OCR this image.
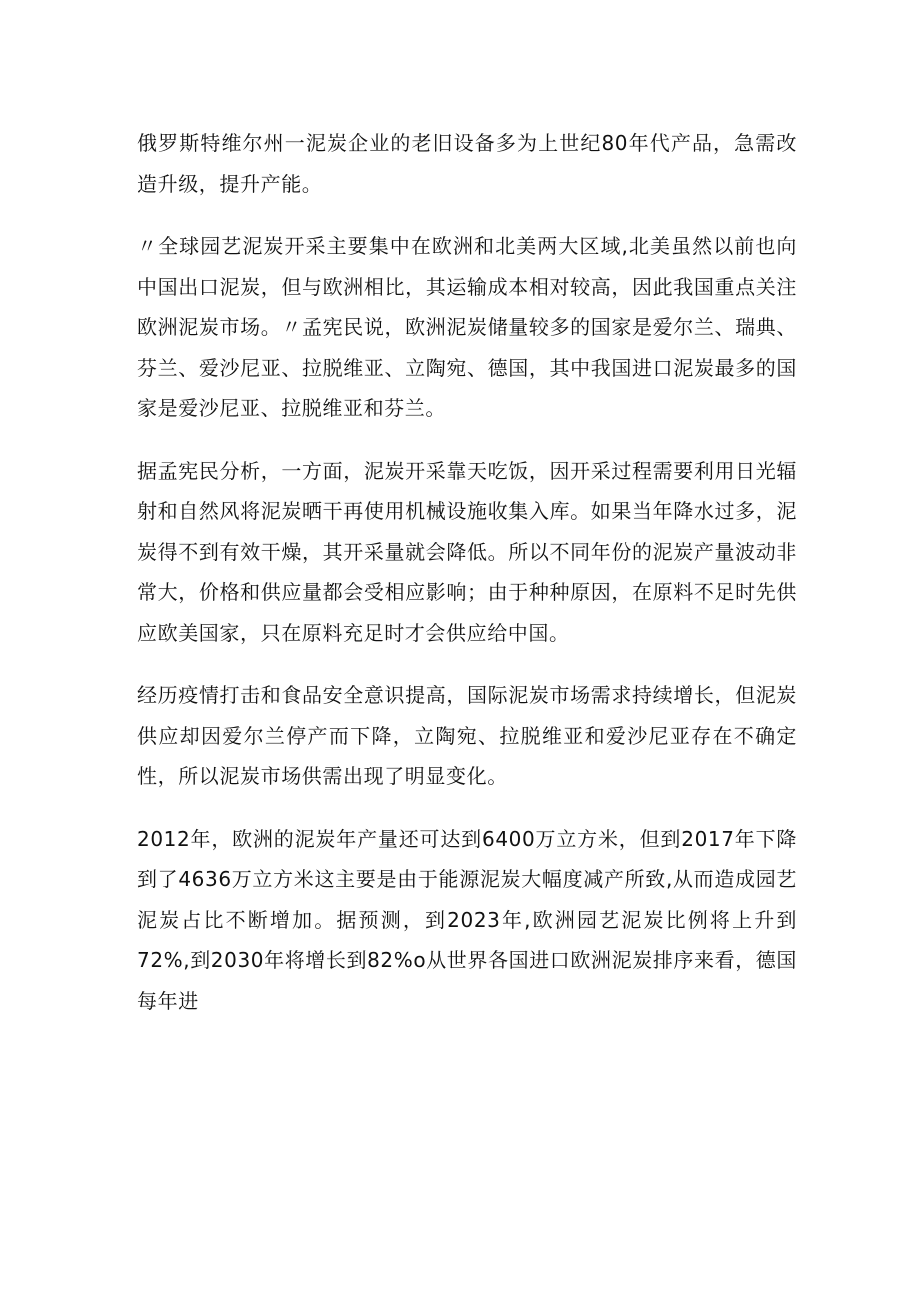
俄罗斯特维尔州一泥炭企业的老旧设备多为上世纪80年代产品，急需改造升级，提升产能。

〃全球园艺泥炭开采主要集中在欧洲和北美两大区域,北美虽然以前也向中国出口泥炭，但与欧洲相比，其运输成本相对较高，因此我国重点关注欧洲泥炭市场。〃孟宪民说，欧洲泥炭储量较多的国家是爱尔兰、瑞典、芬兰、爱沙尼亚、拉脱维亚、立陶宛、德国，其中我国进口泥炭最多的国家是爱沙尼亚、拉脱维亚和芬兰。

据孟宪民分析，一方面，泥炭开采靠天吃饭，因开采过程需要利用日光辐射和自然风将泥炭晒干再使用机械设施收集入库。如果当年降水过多，泥炭得不到有效干燥，其开采量就会降低。所以不同年份的泥炭产量波动非常大，价格和供应量都会受相应影响；由于种种原因，在原料不足时先供应欧美国家，只在原料充足时才会供应给中国。

经历疫情打击和食品安全意识提高，国际泥炭市场需求持续增长，但泥炭供应却因爱尔兰停产而下降，立陶宛、拉脱维亚和爱沙尼亚存在不确定性，所以泥炭市场供需出现了明显变化。

2012年，欧洲的泥炭年产量还可达到6400万立方米，但到2017年下降到了4636万立方米这主要是由于能源泥炭大幅度减产所致,从而造成园艺泥炭占比不断增加。据预测，到2023年,欧洲园艺泥炭比例将上升到72%,到2030年将增长到82%o从世界各国进口欧洲泥炭排序来看，德国每年进
